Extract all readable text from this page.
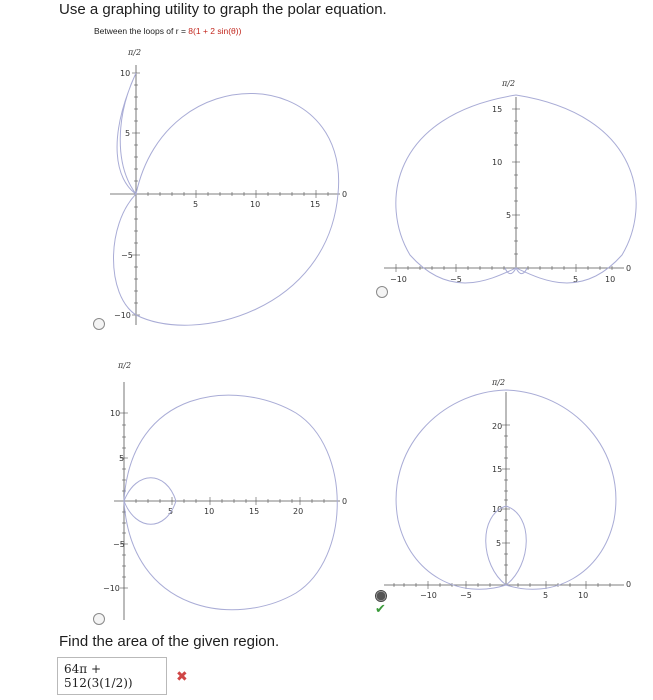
Use a graphing utility to graph the polar equation.
Between the loops of r = 8(1 + 2 sin(θ))
π/2
0
5	10	15
10
5
−5
−10
π/2
0
−10	−5	5	10
15
10
5
π/2
0
5	10	15	20
10
5
−5
−10
π/2
0
−10	−5	5	10
20
15
10
5
✔
Find the area of the given region.
64π + 512(3(1/2))	✖
